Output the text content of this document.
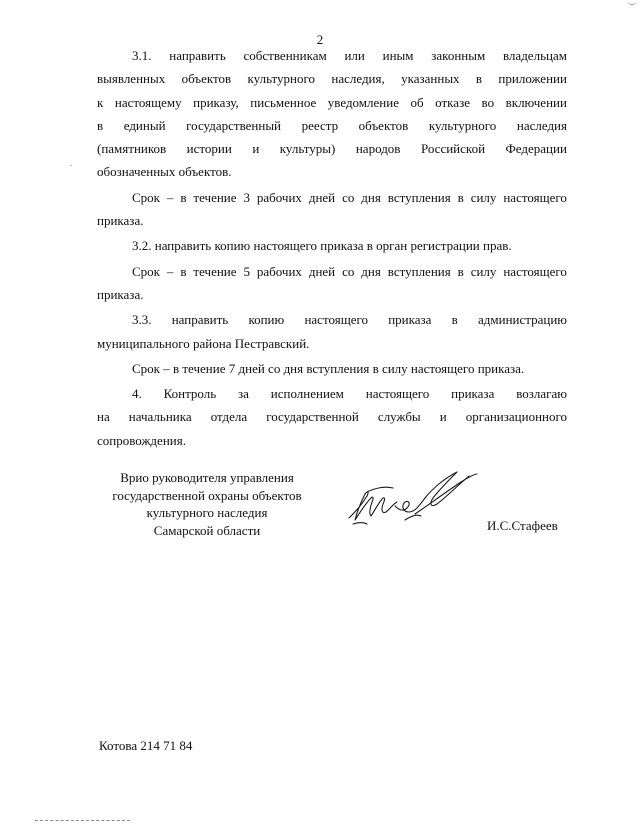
2
3.1. направить собственникам или иным законным владельцам
выявленных объектов культурного наследия, указанных в приложении
к настоящему приказу, письменное уведомление об отказе во включении
в единый государственный реестр объектов культурного наследия
(памятников истории и культуры) народов Российской Федерации
обозначенных объектов.
Срок – в течение 3 рабочих дней со дня вступления в силу настоящего
приказа.
3.2. направить копию настоящего приказа в орган регистрации прав.
Срок – в течение 5 рабочих дней со дня вступления в силу настоящего
приказа.
3.3. направить копию настоящего приказа в администрацию
муниципального района Пестравский.
Срок – в течение 7 дней со дня вступления в силу настоящего приказа.
4. Контроль за исполнением настоящего приказа возлагаю
на начальника отдела государственной службы и организационного
сопровождения.
Врио руководителя управления
государственной охраны объектов
культурного наследия
Самарской области	И.С.Стафеев
Котова 214 71 84
